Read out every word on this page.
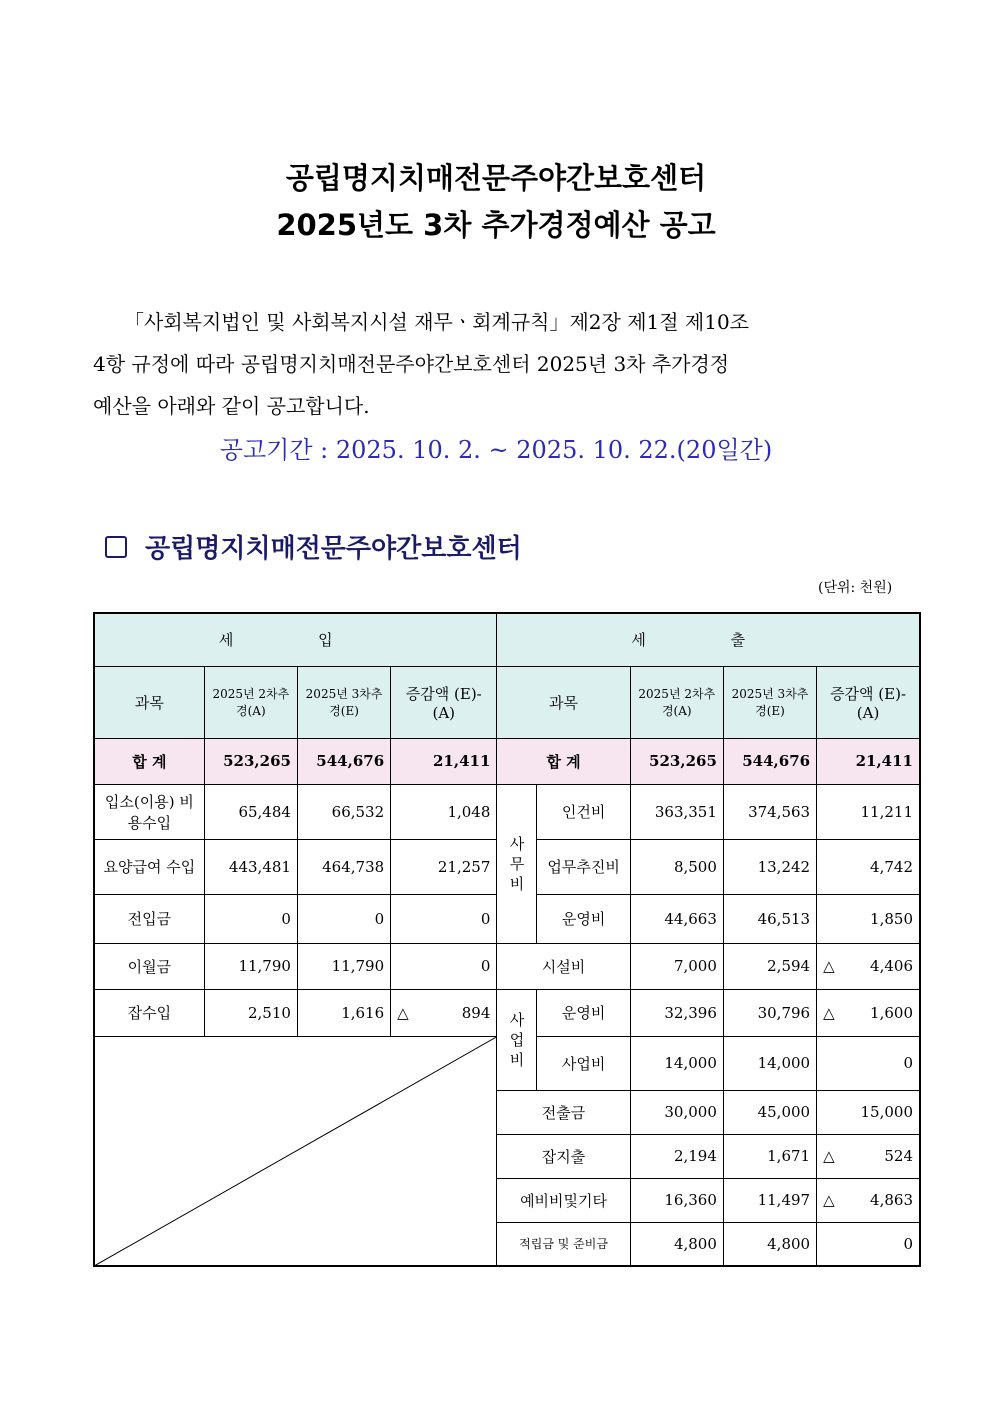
공립명지치매전문주야간보호센터
2025년도 3차 추가경정예산 공고
「사회복지법인 및 사회복지시설 재무ㆍ회계규칙」제2장 제1절 제10조
4항 규정에 따라 공립명지치매전문주야간보호센터 2025년 3차 추가경정
예산을 아래와 같이 공고합니다.
공고기간 : 2025. 10. 2. ~ 2025. 10. 22.(20일간)
공립명지치매전문주야간보호센터
(단위: 천원)
세 입				세 출				
과목	2025년 2차추경(A)	2025년 3차추경(E)	증감액 (E)-(A)	과목		2025년 2차추경(A)	2025년 3차추경(E)	증감액 (E)-(A)
합 계	523,265	544,676	21,411	합 계		523,265	544,676	21,411
입소(이용) 비용수입	65,484	66,532	1,048	사무비	인건비	363,351	374,563	11,211
요양급여 수입	443,481	464,738	21,257		업무추진비	8,500	13,242	4,742
전입금	0	0	0		운영비	44,663	46,513	1,850
이월금	11,790	11,790	0	시설비		7,000	2,594	△ 4,406
잡수입	2,510	1,616	△ 894	사업비	운영비	32,396	30,796	△ 1,600

	사업비	14,000	14,000	0
				전출금		30,000	45,000	15,000
				잡지출		2,194	1,671	△ 524
				예비비및기타		16,360	11,497	△ 4,863
				적립금 및 준비금		4,800	4,800	0
